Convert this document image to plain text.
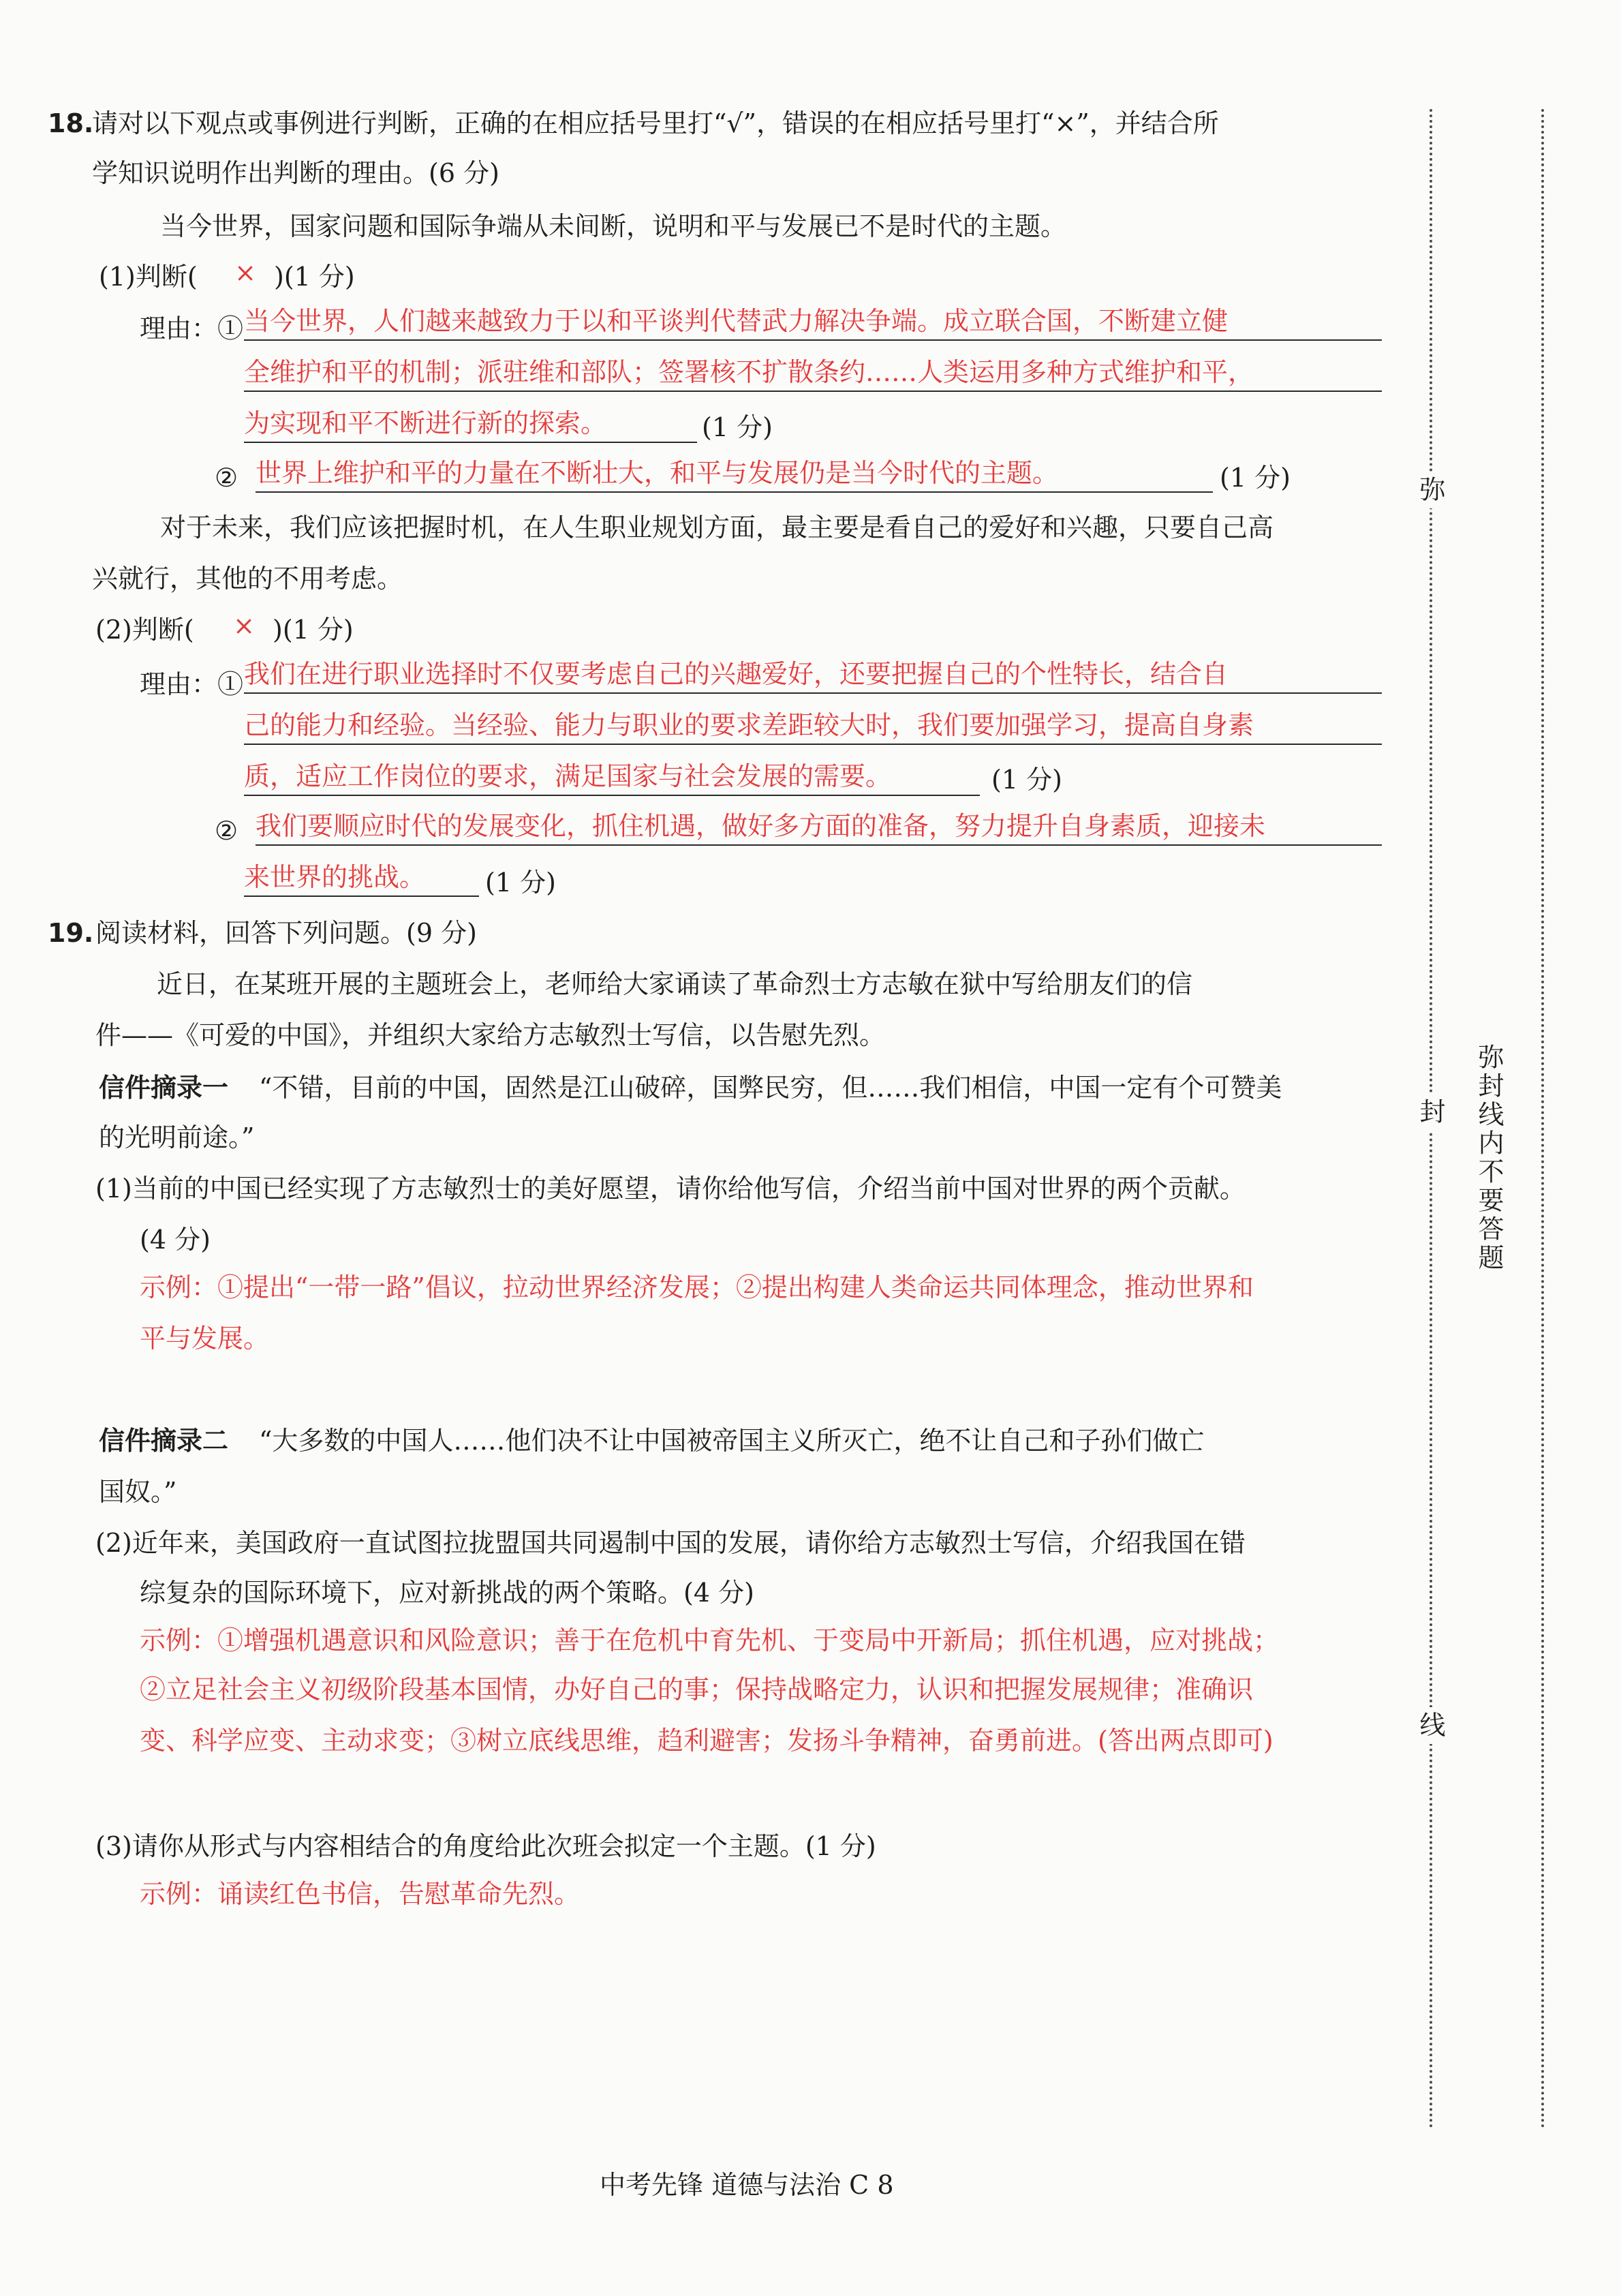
18.
请对以下观点或事例进行判断，正确的在相应括号里打“√”，错误的在相应括号里打“×”，并结合所
学知识说明作出判断的理由。(6 分)
当今世界，国家问题和国际争端从未间断，说明和平与发展已不是时代的主题。
(1)判断(	× )(1 分)
理由：① 当今世界，人们越来越致力于以和平谈判代替武力解决争端。成立联合国，不断建立健
全维护和平的机制；派驻维和部队；签署核不扩散条约……人类运用多种方式维护和平，
为实现和平不断进行新的探索。	(1 分)
② 世界上维护和平的力量在不断壮大，和平与发展仍是当今时代的主题。	(1 分)
对于未来，我们应该把握时机，在人生职业规划方面，最主要是看自己的爱好和兴趣，只要自己高
兴就行，其他的不用考虑。
(2)判断(	× )(1 分)
理由：① 我们在进行职业选择时不仅要考虑自己的兴趣爱好，还要把握自己的个性特长，结合自
己的能力和经验。当经验、能力与职业的要求差距较大时，我们要加强学习，提高自身素
质，适应工作岗位的要求，满足国家与社会发展的需要。	(1 分)
② 我们要顺应时代的发展变化，抓住机遇，做好多方面的准备，努力提升自身素质，迎接未
来世界的挑战。	(1 分)
19. 阅读材料，回答下列问题。(9 分)
近日，在某班开展的主题班会上，老师给大家诵读了革命烈士方志敏在狱中写给朋友们的信
件——《可爱的中国》，并组织大家给方志敏烈士写信，以告慰先烈。
信件摘录一 “不错，目前的中国，固然是江山破碎，国弊民穷，但……我们相信，中国一定有个可赞美
的光明前途。”
(1)当前的中国已经实现了方志敏烈士的美好愿望，请你给他写信，介绍当前中国对世界的两个贡献。
(4 分)
示例：①提出“一带一路”倡议，拉动世界经济发展；②提出构建人类命运共同体理念，推动世界和
平与发展。
信件摘录二 “大多数的中国人……他们决不让中国被帝国主义所灭亡，绝不让自己和子孙们做亡
国奴。”
(2)近年来，美国政府一直试图拉拢盟国共同遏制中国的发展，请你给方志敏烈士写信，介绍我国在错
综复杂的国际环境下，应对新挑战的两个策略。(4 分)
示例：①增强机遇意识和风险意识；善于在危机中育先机、于变局中开新局；抓住机遇，应对挑战；
②立足社会主义初级阶段基本国情，办好自己的事；保持战略定力，认识和把握发展规律；准确识
变、科学应变、主动求变；③树立底线思维，趋利避害；发扬斗争精神，奋勇前进。(答出两点即可)
(3)请你从形式与内容相结合的角度给此次班会拟定一个主题。(1 分)
示例：诵读红色书信，告慰革命先烈。
弥
封
线
弥封线内不要答题
中考先锋 道德与法治 C 8
